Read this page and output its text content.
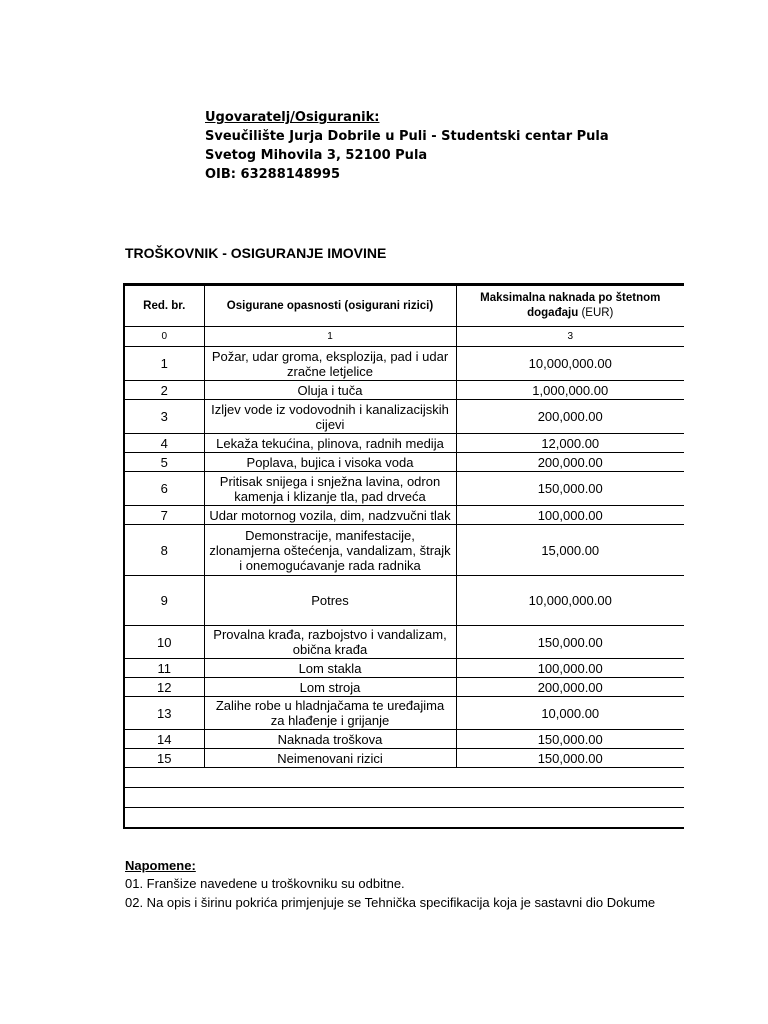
Ugovaratelj/Osiguranik:
Sveučilište Jurja Dobrile u Puli - Studentski centar Pula
Svetog Mihovila 3, 52100 Pula
OIB: 63288148995
TROŠKOVNIK - OSIGURANJE IMOVINE
Red. br.	Osigurane opasnosti (osigurani rizici)	Maksimalna naknada po štetnom događaju (EUR)
0	1	3
1	Požar, udar groma, eksplozija, pad i udar zračne letjelice	10,000,000.00
2	Oluja i tuča	1,000,000.00
3	Izljev vode iz vodovodnih i kanalizacijskih cijevi	200,000.00
4	Lekaža tekućina, plinova, radnih medija	12,000.00
5	Poplava, bujica i visoka voda	200,000.00
6	Pritisak snijega i snježna lavina, odron kamenja i klizanje tla, pad drveća	150,000.00
7	Udar motornog vozila, dim, nadzvučni tlak	100,000.00
8	Demonstracije, manifestacije, zlonamjerna oštećenja, vandalizam, štrajk i onemogućavanje rada radnika	15,000.00
9	Potres	10,000,000.00
10	Provalna krađa, razbojstvo i vandalizam, obična krađa	150,000.00
11	Lom stakla	100,000.00
12	Lom stroja	200,000.00
13	Zalihe robe u hladnjačama te uređajima za hlađenje i grijanje	10,000.00
14	Naknada troškova	150,000.00
15	Neimenovani rizici	150,000.00

Napomene:
01. Franšize navedene u troškovniku su odbitne.
02. Na opis i širinu pokrića primjenjuje se Tehnička specifikacija koja je sastavni dio Dokume
